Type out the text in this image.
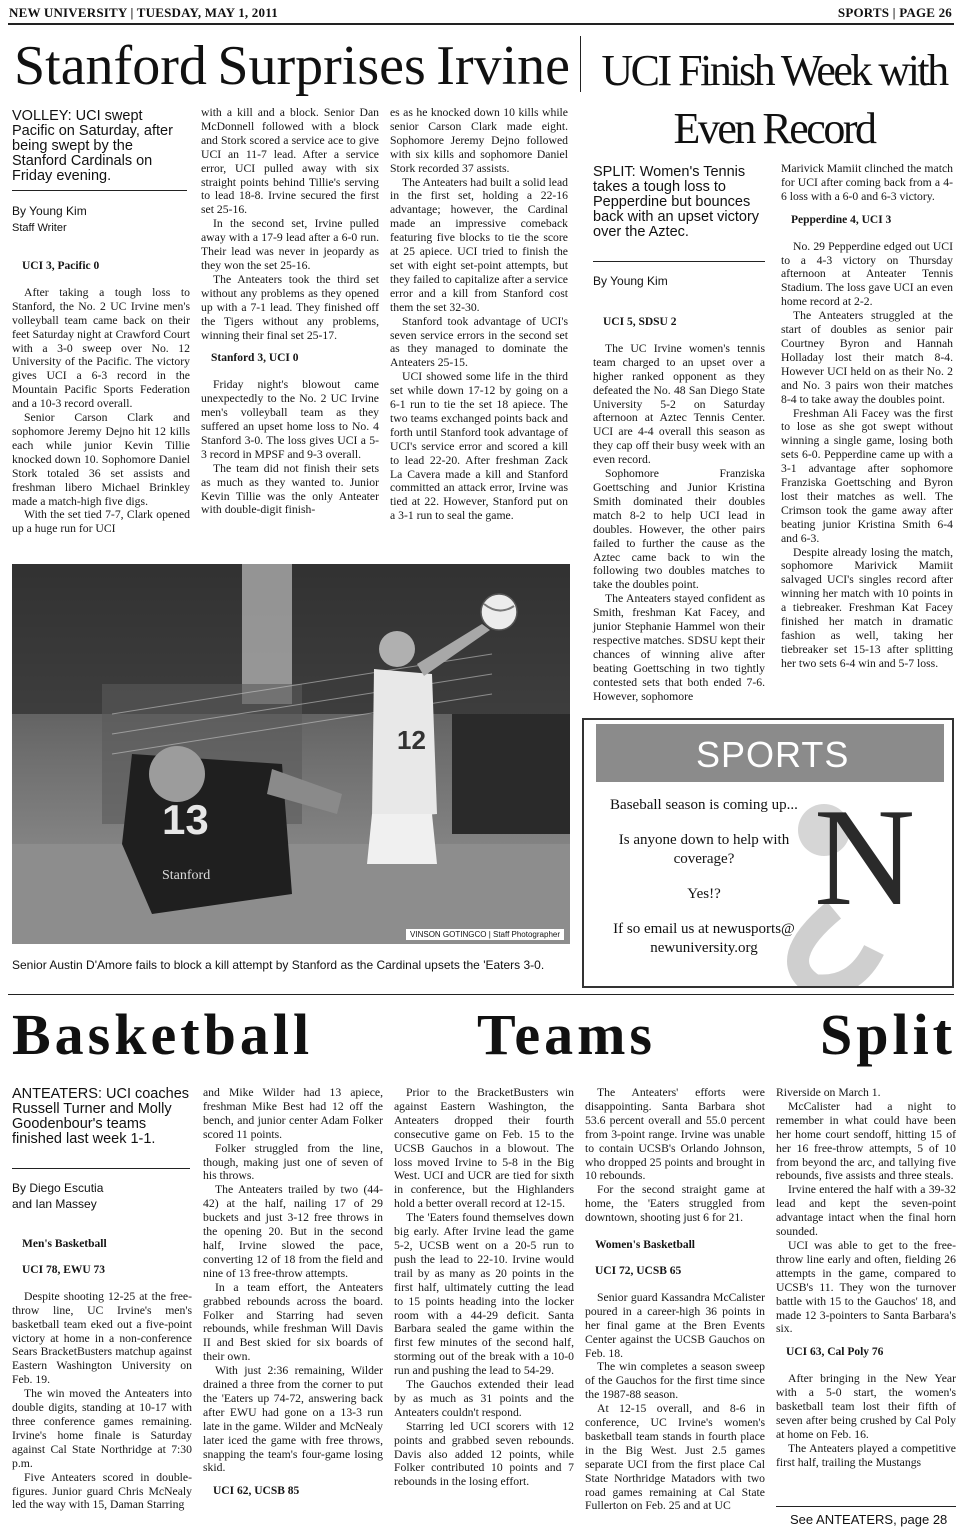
NEW UNIVERSITY | TUESDAY, MAY 1, 2011	SPORTS | PAGE 26
Stanford Surprises Irvine
VOLLEY: UCI swept Pacific on Saturday, after being swept by the Stanford Cardinals on Friday evening.
By Young Kim
Staff Writer
UCI 3, Pacific 0

After taking a tough loss to Stanford, the No. 2 UC Irvine men's volleyball team came back on their feet Saturday night at Crawford Court with a 3-0 sweep over No. 12 University of the Pacific. The victory gives UCI a 6-3 record in the Mountain Pacific Sports Federation and a 10-3 record overall.

Senior Carson Clark and sophomore Jeremy Dejno hit 12 kills each while junior Kevin Tillie knocked down 10. Sophomore Daniel Stork totaled 36 set assists and freshman libero Michael Brinkley made a match-high five digs.

With the set tied 7-7, Clark opened up a huge run for UCI

with a kill and a block. Senior Dan McDonnell followed with a block and Stork scored a service ace to give UCI an 11-7 lead. After a service error, UCI pulled away with six straight points behind Tillie's serving to lead 18-8. Irvine secured the first set 25-16.

In the second set, Irvine pulled away with a 17-9 lead after a 6-0 run. Their lead was never in jeopardy as they won the set 25-16.

The Anteaters took the third set without any problems as they opened up with a 7-1 lead. They finished off the Tigers without any problems, winning their final set 25-17.

Stanford 3, UCI 0

Friday night's blowout came unexpectedly to the No. 2 UC Irvine men's volleyball team as they suffered an upset home loss to No. 4 Stanford 3-0. The loss gives UCI a 5-3 record in MPSF and 9-3 overall.

The team did not finish their sets as much as they wanted to. Junior Kevin Tillie was the only Anteater with double-digit finish-

es as he knocked down 10 kills while senior Carson Clark made eight. Sophomore Jeremy Dejno followed with six kills and sophomore Daniel Stork recorded 37 assists.

The Anteaters had built a solid lead in the first set, holding a 22-16 advantage; however, the Cardinal made an impressive comeback featuring five blocks to tie the score at 25 apiece. UCI tried to finish the set with eight set-point attempts, but they failed to capitalize after a service error and a kill from Stanford cost them the set 32-30.

Stanford took advantage of UCI's seven service errors in the second set as they managed to dominate the Anteaters 25-15.

UCI showed some life in the third set while down 17-12 by going on a 6-1 run to tie the set 18 apiece. The two teams exchanged points back and forth until Stanford took advantage of UCI's service error and scored a kill to lead 22-20. After freshman Zack La Cavera made a kill and Stanford committed an attack error, Irvine was tied at 22. However, Stanford put on a 3-1 run to seal the game.

12
13
Stanford
VINSON GOTINGCO | Staff Photographer
Senior Austin D'Amore fails to block a kill attempt by Stanford as the Cardinal upsets the 'Eaters 3-0.
UCI Finish Week with
Even Record
SPLIT: Women's Tennis takes a tough loss to Pepperdine but bounces back with an upset victory over the Aztec.
By Young Kim
UCI 5, SDSU 2

The UC Irvine women's tennis team charged to an upset over a higher ranked opponent as they defeated the No. 48 San Diego State University 5-2 on Saturday afternoon at Aztec Tennis Center. UCI are 4-4 overall this season as they cap off their busy week with an even record.

Sophomore Franziska Goettsching and Junior Kristina Smith dominated their doubles match 8-2 to help UCI lead in doubles. However, the other pairs failed to further the cause as the Aztec came back to win the following two doubles matches to take the doubles point.

The Anteaters stayed confident as Smith, freshman Kat Facey, and junior Stephanie Hammel won their respective matches. SDSU kept their chances of winning alive after beating Goettsching in two tightly contested sets that both ended 7-6. However, sophomore

Marivick Mamiit clinched the match for UCI after coming back from a 4-6 loss with a 6-0 and 6-3 victory.

Pepperdine 4, UCI 3

No. 29 Pepperdine edged out UCI to a 4-3 victory on Thursday afternoon at Anteater Tennis Stadium. The loss gave UCI an even home record at 2-2.

The Anteaters struggled at the start of doubles as senior pair Courtney Byron and Hannah Holladay lost their match 8-4. However UCI held on as their No. 2 and No. 3 pairs won their matches 8-4 to take away the doubles point.

Freshman Ali Facey was the first to lose as she got swept without winning a single game, losing both sets 6-0. Pepperdine came up with a 3-1 advantage after sophomore Franziska Goettsching and Byron lost their matches as well. The Crimson took the game away after beating junior Kristina Smith 6-4 and 6-3.

Despite already losing the match, sophomore Marivick Mamiit salvaged UCI's singles record after winning her match with 10 points in a tiebreaker. Freshman Kat Facey finished her match in dramatic fashion as well, taking her tiebreaker set 15-13 after splitting her two sets 6-4 win and 5-7 loss.

SPORTS
N
Baseball season is coming up...
Is anyone down to help with coverage?
Yes!?
If so email us at newusports@ newuniversity.org
Basketball	Teams	Split
ANTEATERS: UCI coaches Russell Turner and Molly Goodenbour's teams finished last week 1-1.
By Diego Escutia
and Ian Massey
Men's Basketball
UCI 78, EWU 73

Despite shooting 12-25 at the free-throw line, UC Irvine's men's basketball team eked out a five-point victory at home in a non-conference Sears BracketBusters matchup against Eastern Washington University on Feb. 19.

The win moved the Anteaters into double digits, standing at 10-17 with three conference games remaining. Irvine's home finale is Saturday against Cal State Northridge at 7:30 p.m.

Five Anteaters scored in double-figures. Junior guard Chris McNealy led the way with 15, Daman Starring

and Mike Wilder had 13 apiece, freshman Mike Best had 12 off the bench, and junior center Adam Folker scored 11 points.

Folker struggled from the line, though, making just one of seven of his throws.

The Anteaters trailed by two (44-42) at the half, nailing 17 of 29 buckets and just 3-12 free throws in the opening 20. But in the second half, Irvine slowed the pace, converting 12 of 18 from the field and nine of 13 free-throw attempts.

In a team effort, the Anteaters grabbed rebounds across the board. Folker and Starring had seven rebounds, while freshman Will Davis II and Best skied for six boards of their own.

With just 2:36 remaining, Wilder drained a three from the corner to put the 'Eaters up 74-72, answering back after EWU had gone on a 13-3 run late in the game. Wilder and McNealy later iced the game with free throws, snapping the team's four-game losing skid.

UCI 62, UCSB 85

Prior to the BracketBusters win against Eastern Washington, the Anteaters dropped their fourth consecutive game on Feb. 15 to the UCSB Gauchos in a blowout. The loss moved Irvine to 5-8 in the Big West. UCI and UCR are tied for sixth in conference, but the Highlanders hold a better overall record at 12-15.

The 'Eaters found themselves down big early. After Irvine lead the game 5-2, UCSB went on a 20-5 run to push the lead to 22-10. Irvine would trail by as many as 20 points in the first half, ultimately cutting the lead to 15 points heading into the locker room with a 44-29 deficit. Santa Barbara sealed the game within the first few minutes of the second half, storming out of the break with a 10-0 run and pushing the lead to 54-29.

The Gauchos extended their lead by as much as 31 points and the Anteaters couldn't respond.

Starring led UCI scorers with 12 points and grabbed seven rebounds. Davis also added 12 points, while Folker contributed 10 points and 7 rebounds in the losing effort.

The Anteaters' efforts were disappointing. Santa Barbara shot 53.6 percent overall and 55.0 percent from 3-point range. Irvine was unable to contain UCSB's Orlando Johnson, who dropped 25 points and brought in 10 rebounds.

For the second straight game at home, the 'Eaters struggled from downtown, shooting just 6 for 21.

Women's Basketball
UCI 72, UCSB 65

Senior guard Kassandra McCalister poured in a career-high 36 points in her final game at the Bren Events Center against the UCSB Gauchos on Feb. 18.

The win completes a season sweep of the Gauchos for the first time since the 1987-88 season.

At 12-15 overall, and 8-6 in conference, UC Irvine's women's basketball team stands in fourth place in the Big West. Just 2.5 games separate UCI from the first place Cal State Northridge Matadors with two road games remaining at Cal State Fullerton on Feb. 25 and at UC

Riverside on March 1.

McCalister had a night to remember in what could have been her home court sendoff, hitting 15 of her 16 free-throw attempts, 5 of 10 from beyond the arc, and tallying five rebounds, five assists and three steals.

Irvine entered the half with a 39-32 lead and kept the seven-point advantage intact when the final horn sounded.

UCI was able to get to the free-throw line early and often, fielding 26 attempts in the game, compared to UCSB's 11. They won the turnover battle with 15 to the Gauchos' 18, and made 12 3-pointers to Santa Barbara's six.

UCI 63, Cal Poly 76

After bringing in the New Year with a 5-0 start, the women's basketball team lost their fifth of seven after being crushed by Cal Poly at home on Feb. 16.

The Anteaters played a competitive first half, trailing the Mustangs

See ANTEATERS, page 28
